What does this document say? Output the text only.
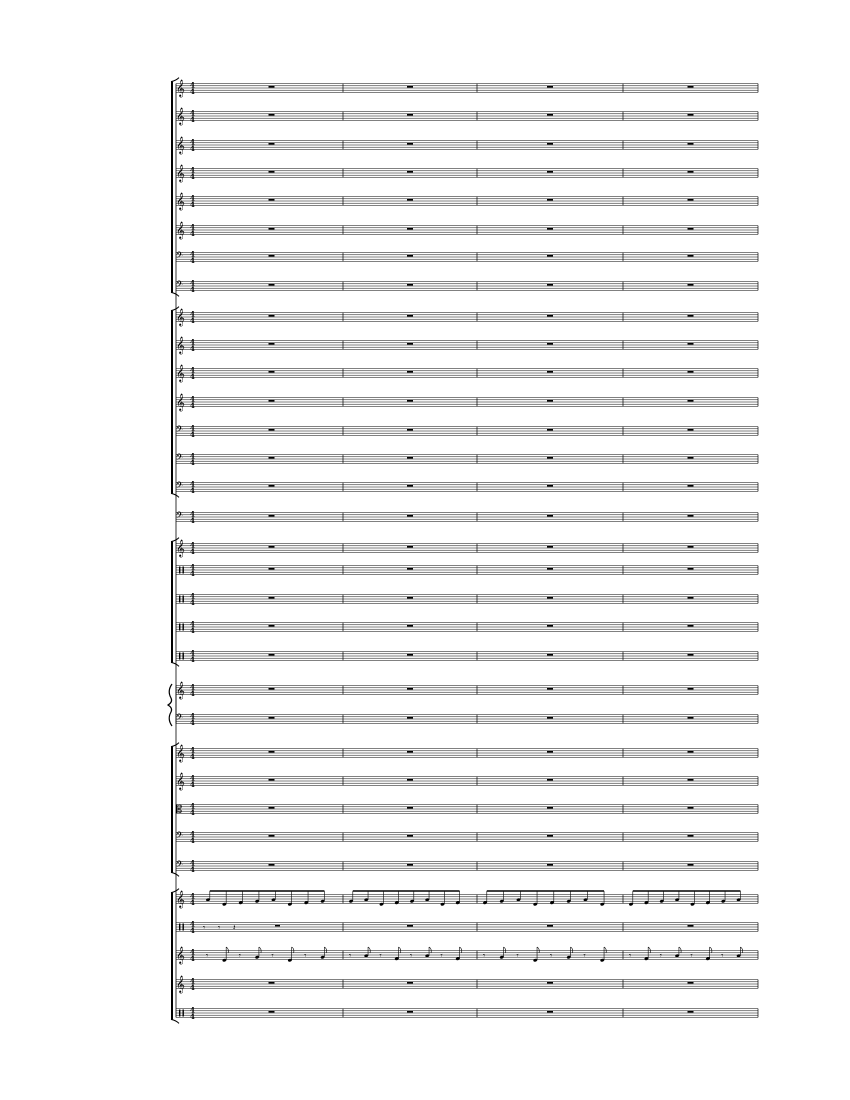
𝄞 4
4
𝄞 4
4
𝄞 4
4
𝄞 4
4
𝄞 4
4
𝄞 4
4
𝄢 4
4
𝄢 4
4
𝄞 4
4
𝄞 4
4
𝄞 4
4
𝄞 4
4
𝄢 4
4
𝄢 4
4
𝄢 4
4
𝄢 4
4
𝄞 4
4
4
4
4
4
4
4
4
4
𝄞 4
4
𝄢 4
4
𝄞 4
4
𝄞 4
4
𝄡 4
4
𝄢 4
4
𝄢 4
4
𝄞 4
4
4
4 𝄾 𝄾 𝄽
𝄞 4
4 𝄾	𝄾	𝄾	𝄾	𝄾	𝄾	𝄾	𝄾	𝄾	𝄾	𝄾	𝄾	𝄾	𝄾	𝄾	𝄾
𝄞 4
4
4
4
